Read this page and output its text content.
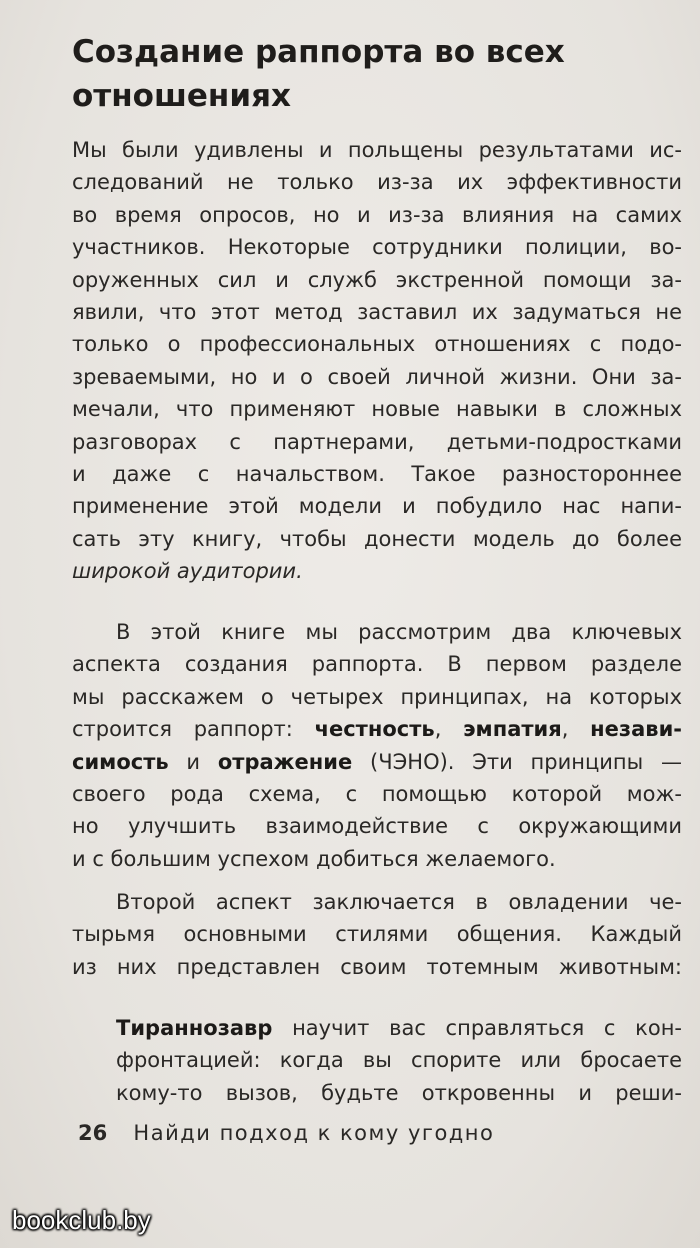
Создание раппорта во всех
отношениях
Мы были удивлены и польщены результатами ис-
следований не только из-за их эффективности
во время опросов, но и из-за влияния на самих
участников. Некоторые сотрудники полиции, во-
оруженных сил и служб экстренной помощи за-
явили, что этот метод заставил их задуматься не
только о профессиональных отношениях с подо-
зреваемыми, но и о своей личной жизни. Они за-
мечали, что применяют новые навыки в сложных
разговорах с партнерами, детьми-подростками
и даже с начальством. Такое разностороннее
применение этой модели и побудило нас напи-
сать эту книгу, чтобы донести модель до более
широкой аудитории.
В этой книге мы рассмотрим два ключевых
аспекта создания раппорта. В первом разделе
мы расскажем о четырех принципах, на которых
строится раппорт: честность, эмпатия, незави-
симость и отражение (ЧЭНО). Эти принципы —
своего рода схема, с помощью которой мож-
но улучшить взаимодействие с окружающими
и с большим успехом добиться желаемого.
Второй аспект заключается в овладении че-
тырьмя основными стилями общения. Каждый
из них представлен своим тотемным животным:
Тираннозавр научит вас справляться с кон-
фронтацией: когда вы спорите или бросаете
кому-то вызов, будьте откровенны и реши-
26 Найди подход к кому угодно
bookclub.by
